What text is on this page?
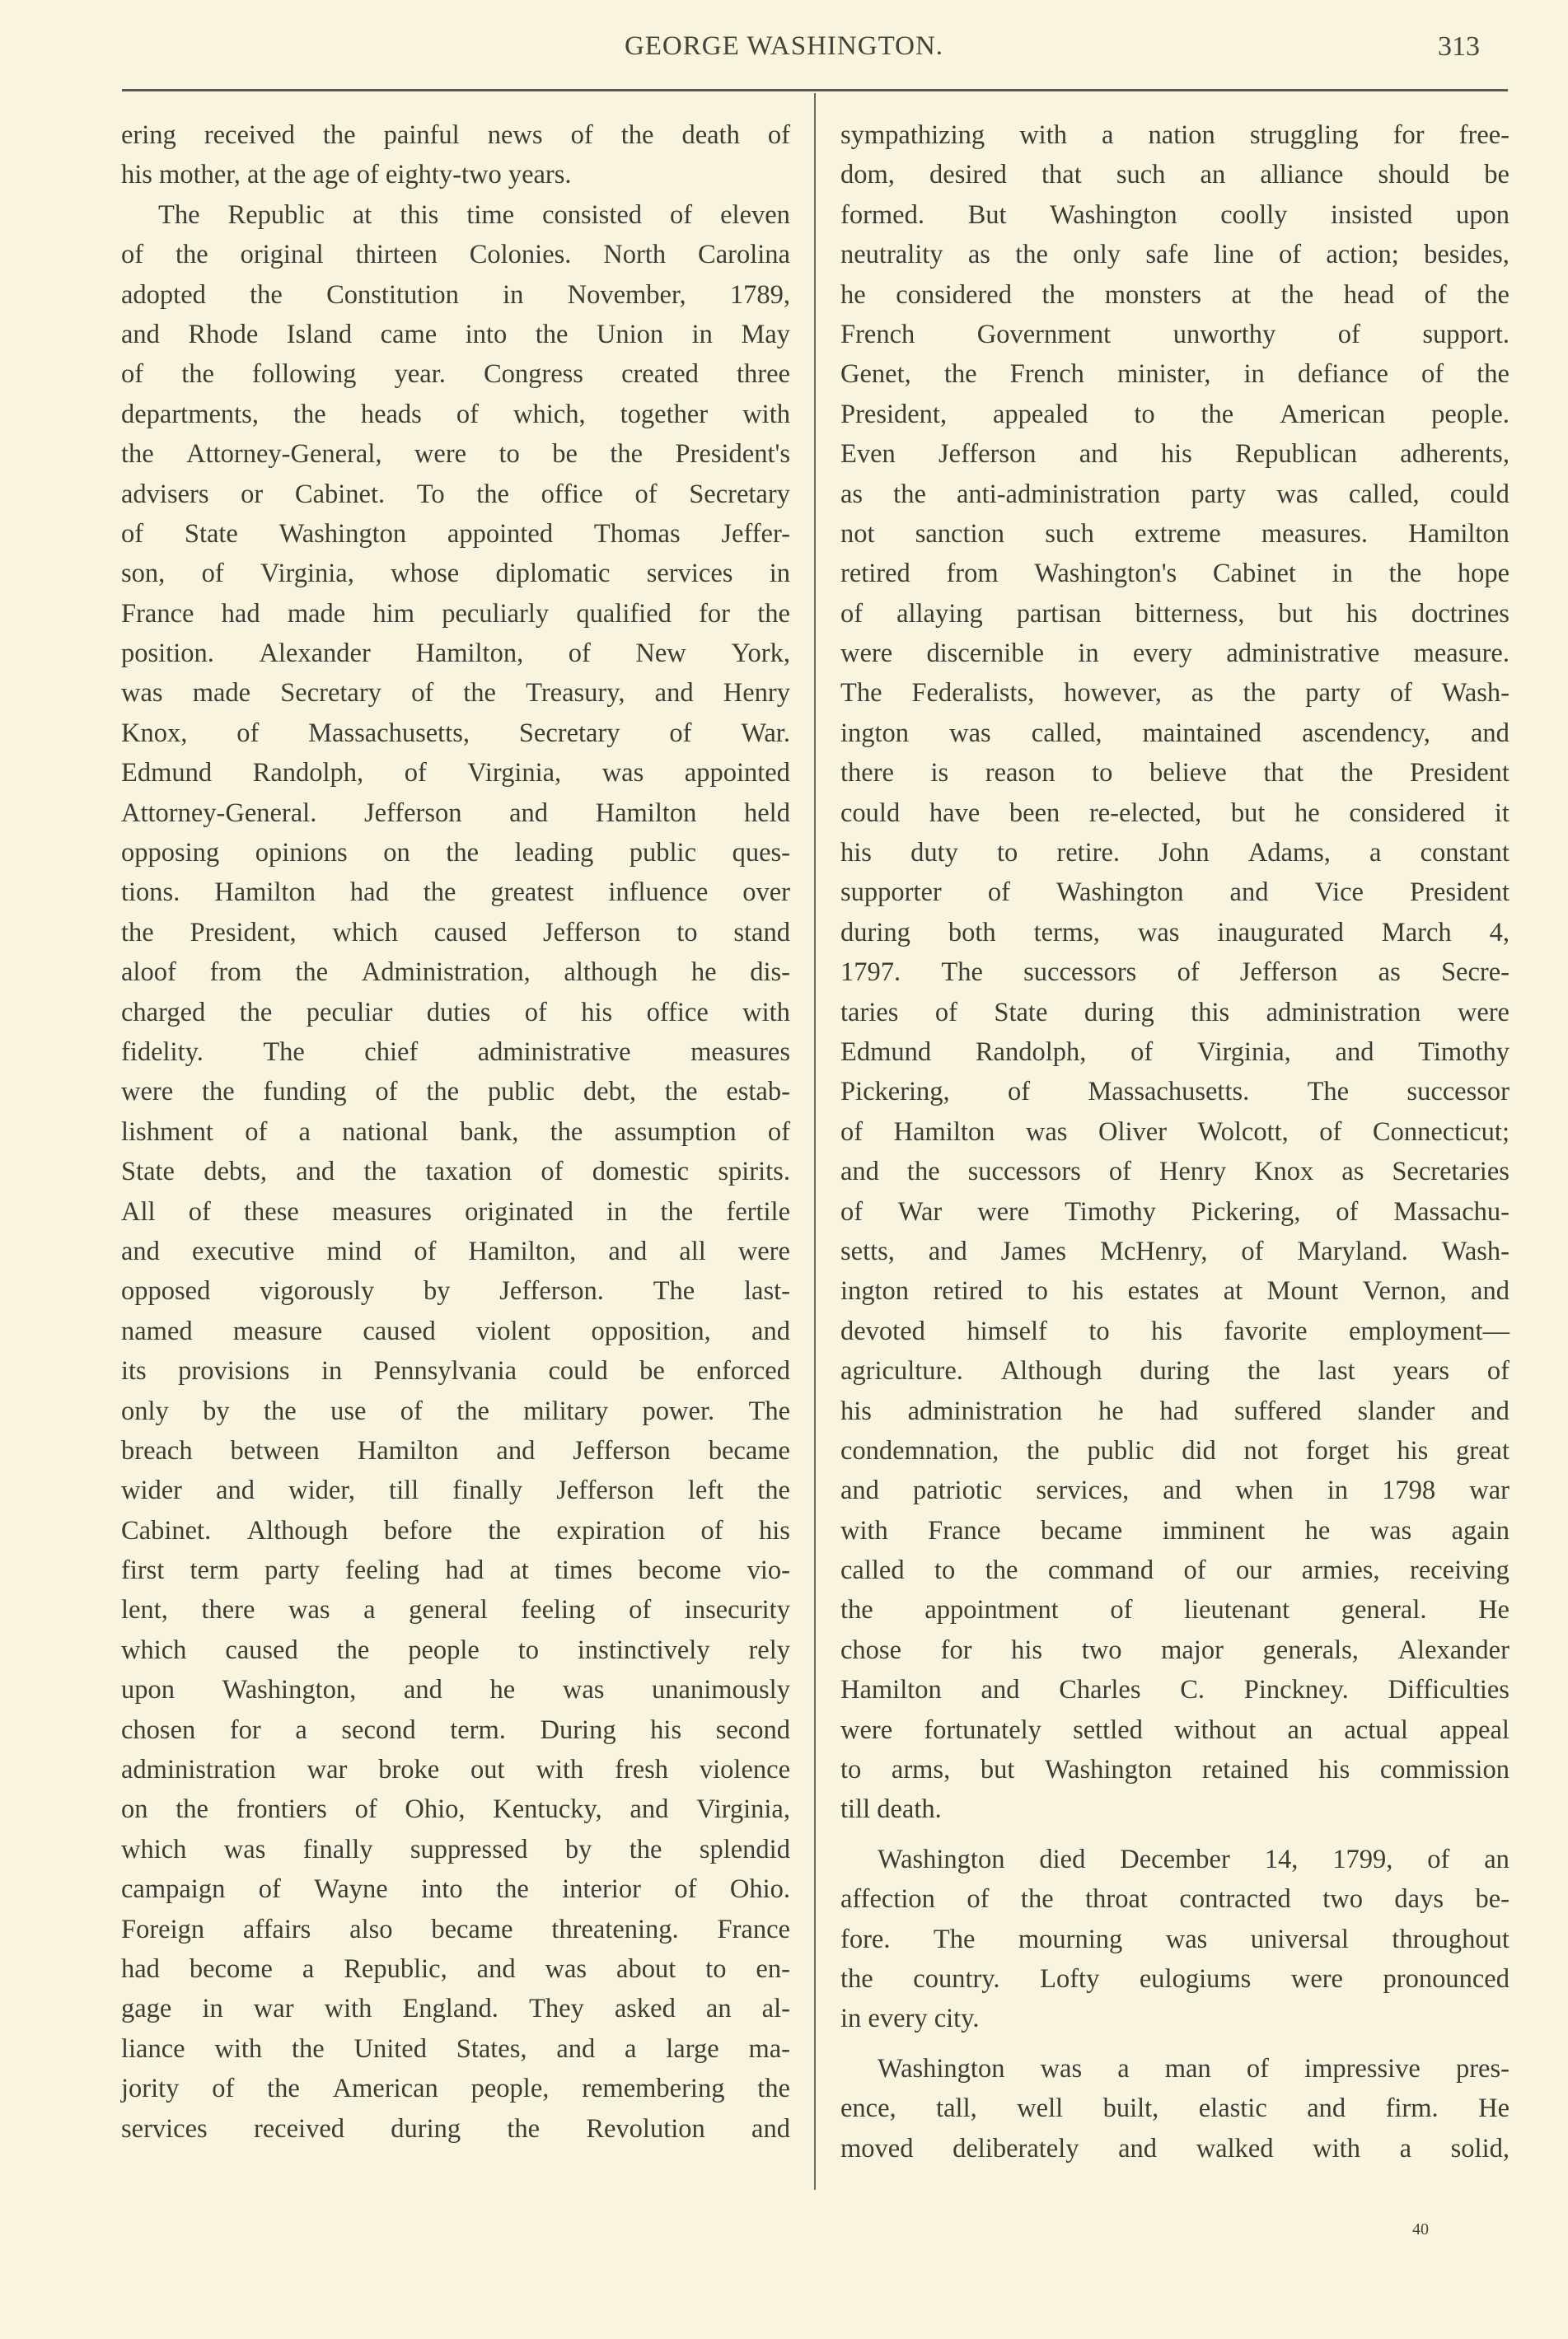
GEORGE WASHINGTON.	313
ering received the painful news of the death of
his mother, at the age of eighty-two years.
The Republic at this time consisted of eleven
of the original thirteen Colonies. North Carolina
adopted the Constitution in November, 1789,
and Rhode Island came into the Union in May
of the following year. Congress created three
departments, the heads of which, together with
the Attorney-General, were to be the President's
advisers or Cabinet. To the office of Secretary
of State Washington appointed Thomas Jeffer-
son, of Virginia, whose diplomatic services in
France had made him peculiarly qualified for the
position. Alexander Hamilton, of New York,
was made Secretary of the Treasury, and Henry
Knox, of Massachusetts, Secretary of War.
Edmund Randolph, of Virginia, was appointed
Attorney-General. Jefferson and Hamilton held
opposing opinions on the leading public ques-
tions. Hamilton had the greatest influence over
the President, which caused Jefferson to stand
aloof from the Administration, although he dis-
charged the peculiar duties of his office with
fidelity. The chief administrative measures
were the funding of the public debt, the estab-
lishment of a national bank, the assumption of
State debts, and the taxation of domestic spirits.
All of these measures originated in the fertile
and executive mind of Hamilton, and all were
opposed vigorously by Jefferson. The last-
named measure caused violent opposition, and
its provisions in Pennsylvania could be enforced
only by the use of the military power. The
breach between Hamilton and Jefferson became
wider and wider, till finally Jefferson left the
Cabinet. Although before the expiration of his
first term party feeling had at times become vio-
lent, there was a general feeling of insecurity
which caused the people to instinctively rely
upon Washington, and he was unanimously
chosen for a second term. During his second
administration war broke out with fresh violence
on the frontiers of Ohio, Kentucky, and Virginia,
which was finally suppressed by the splendid
campaign of Wayne into the interior of Ohio.
Foreign affairs also became threatening. France
had become a Republic, and was about to en-
gage in war with England. They asked an al-
liance with the United States, and a large ma-
jority of the American people, remembering the
services received during the Revolution and
sympathizing with a nation struggling for free-
dom, desired that such an alliance should be
formed. But Washington coolly insisted upon
neutrality as the only safe line of action; besides,
he considered the monsters at the head of the
French Government unworthy of support.
Genet, the French minister, in defiance of the
President, appealed to the American people.
Even Jefferson and his Republican adherents,
as the anti-administration party was called, could
not sanction such extreme measures. Hamilton
retired from Washington's Cabinet in the hope
of allaying partisan bitterness, but his doctrines
were discernible in every administrative measure.
The Federalists, however, as the party of Wash-
ington was called, maintained ascendency, and
there is reason to believe that the President
could have been re-elected, but he considered it
his duty to retire. John Adams, a constant
supporter of Washington and Vice President
during both terms, was inaugurated March 4,
1797. The successors of Jefferson as Secre-
taries of State during this administration were
Edmund Randolph, of Virginia, and Timothy
Pickering, of Massachusetts. The successor
of Hamilton was Oliver Wolcott, of Connecticut;
and the successors of Henry Knox as Secretaries
of War were Timothy Pickering, of Massachu-
setts, and James McHenry, of Maryland. Wash-
ington retired to his estates at Mount Vernon, and
devoted himself to his favorite employment—
agriculture. Although during the last years of
his administration he had suffered slander and
condemnation, the public did not forget his great
and patriotic services, and when in 1798 war
with France became imminent he was again
called to the command of our armies, receiving
the appointment of lieutenant general. He
chose for his two major generals, Alexander
Hamilton and Charles C. Pinckney. Difficulties
were fortunately settled without an actual appeal
to arms, but Washington retained his commission
till death.
Washington died December 14, 1799, of an
affection of the throat contracted two days be-
fore. The mourning was universal throughout
the country. Lofty eulogiums were pronounced
in every city.
Washington was a man of impressive pres-
ence, tall, well built, elastic and firm. He
moved deliberately and walked with a solid,
40
